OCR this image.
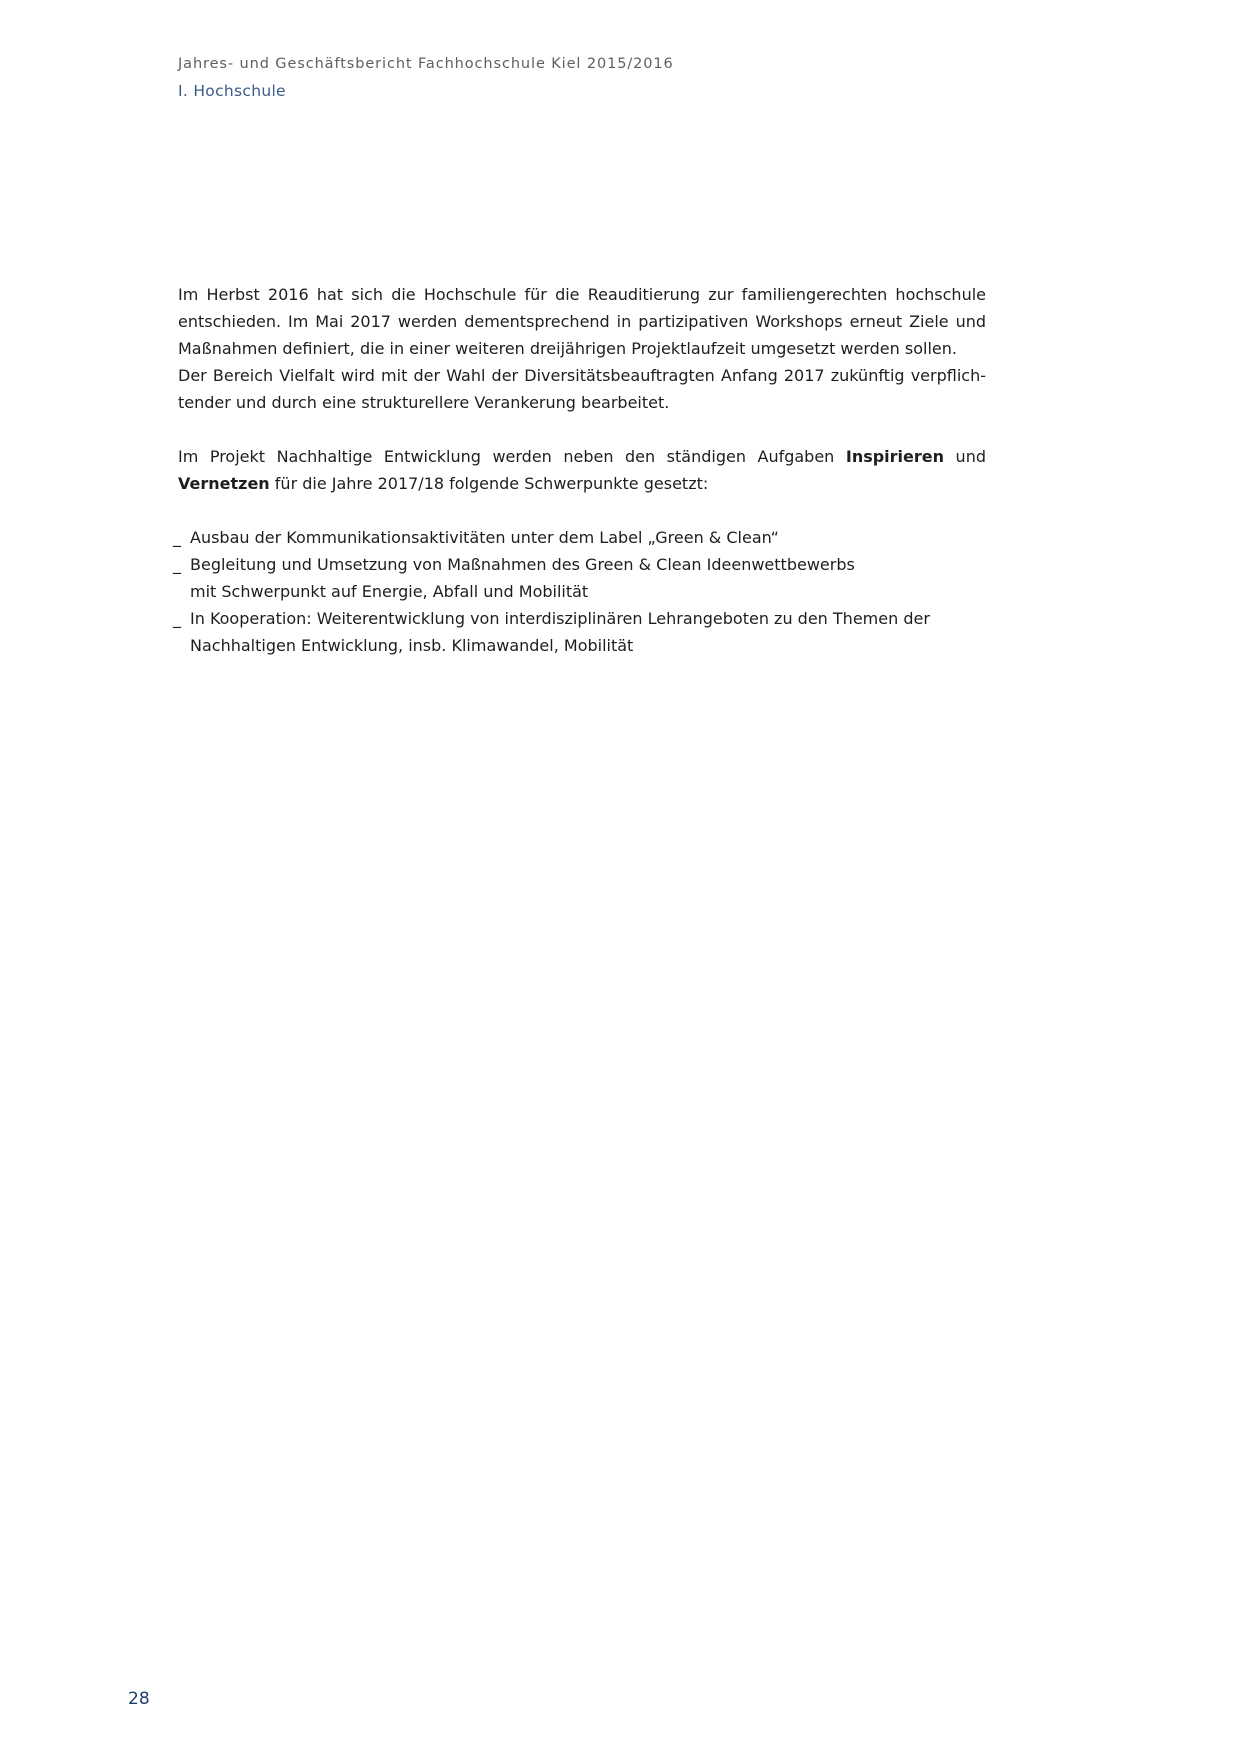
Jahres- und Geschäftsbericht Fachhochschule Kiel 2015/2016
I. Hochschule

Im Herbst 2016 hat sich die Hochschule für die Reauditierung zur familiengerechten hochschule entschieden. Im Mai 2017 werden dementsprechend in partizipativen Workshops erneut Ziele und Maßnahmen definiert, die in einer weiteren dreijährigen Projektlaufzeit umgesetzt werden sollen.

Der Bereich Vielfalt wird mit der Wahl der Diversitätsbeauftragten Anfang 2017 zukünftig verpflichtender und durch eine strukturellere Verankerung bearbeitet.

Im Projekt Nachhaltige Entwicklung werden neben den ständigen Aufgaben Inspirieren und Vernetzen für die Jahre 2017/18 folgende Schwerpunkte gesetzt:

_ Ausbau der Kommunikationsaktivitäten unter dem Label „Green & Clean“
_ Begleitung und Umsetzung von Maßnahmen des Green & Clean Ideenwettbewerbs
mit Schwerpunkt auf Energie, Abfall und Mobilität
_ In Kooperation: Weiterentwicklung von interdisziplinären Lehrangeboten zu den Themen der
Nachhaltigen Entwicklung, insb. Klimawandel, Mobilität
28
